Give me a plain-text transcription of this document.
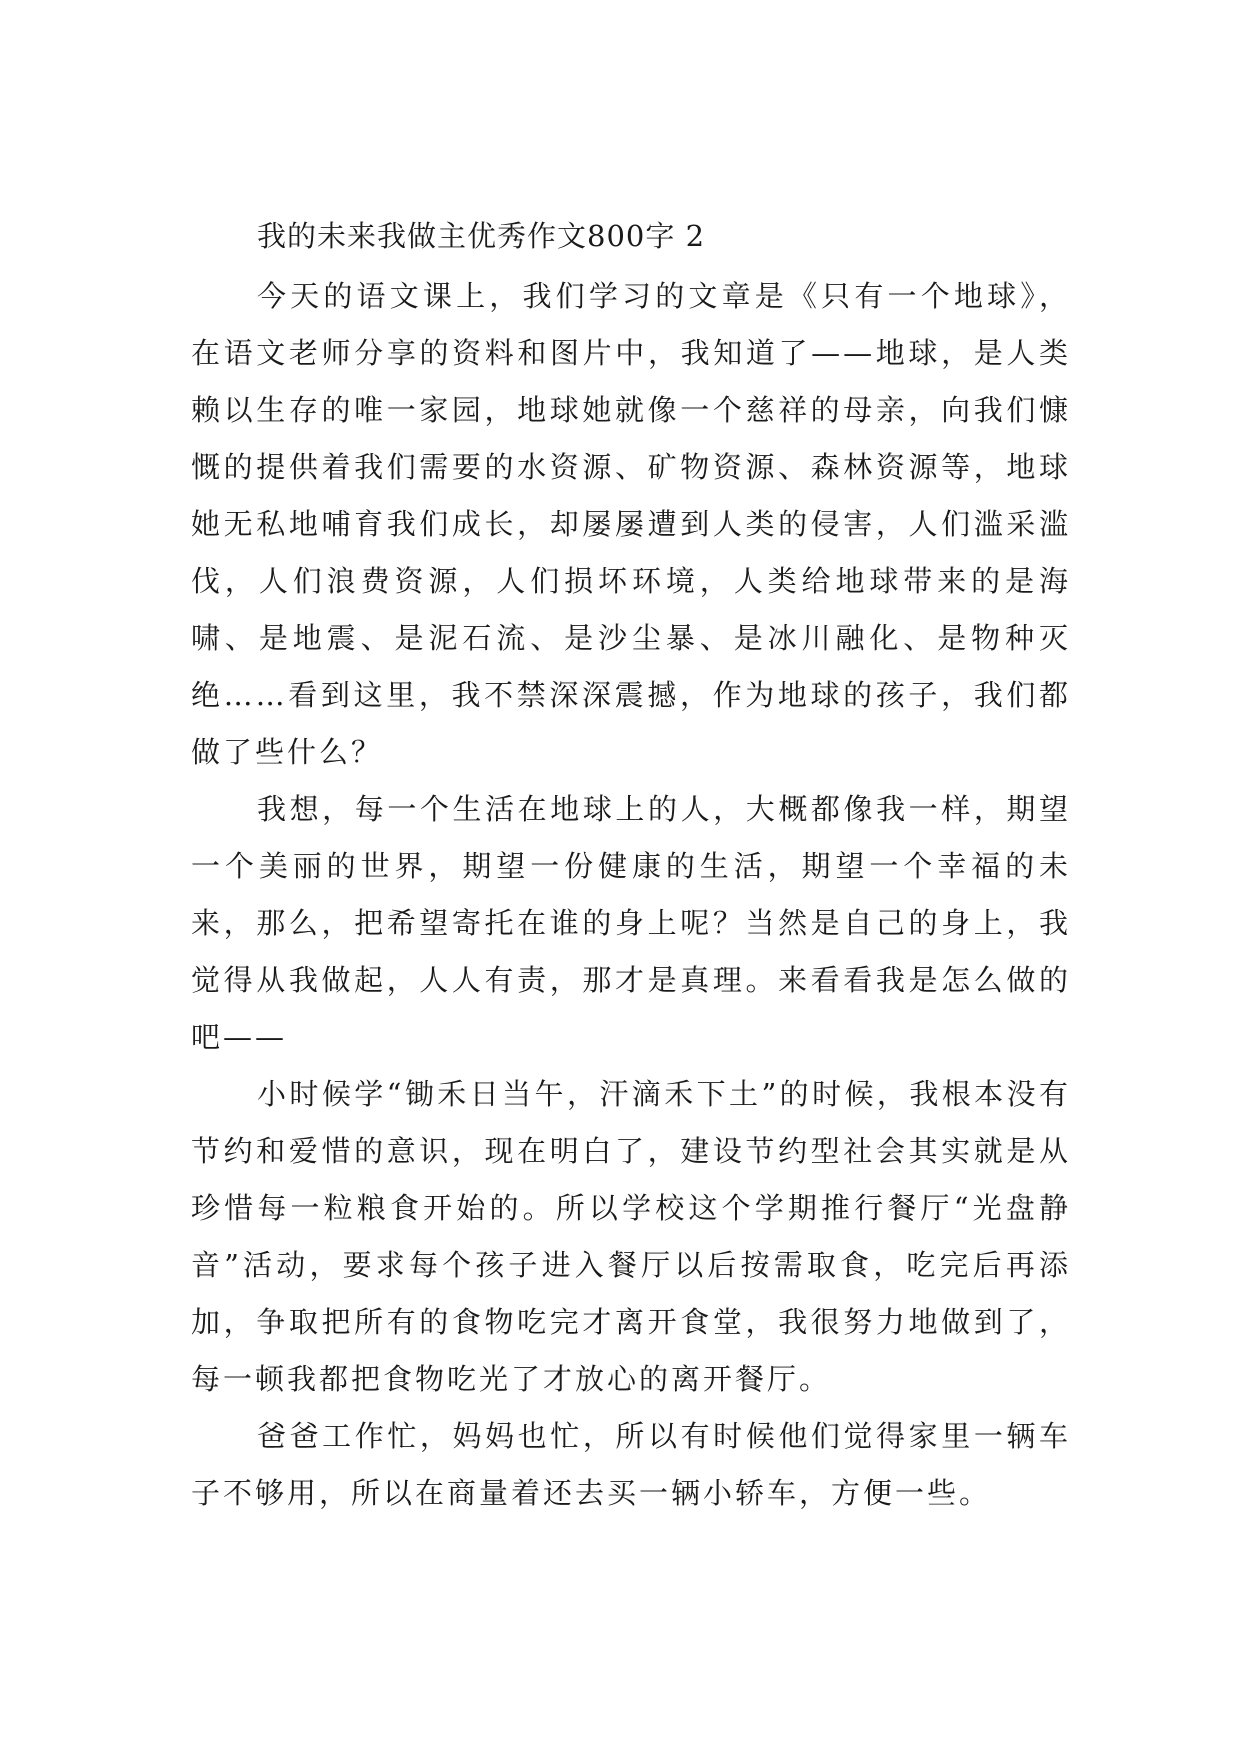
我的未来我做主优秀作文800字 2

今天的语文课上，我们学习的文章是《只有一个地球》，在语文老师分享的资料和图片中，我知道了——地球，是人类赖以生存的唯一家园，地球她就像一个慈祥的母亲，向我们慷慨的提供着我们需要的水资源、矿物资源、森林资源等，地球她无私地哺育我们成长，却屡屡遭到人类的侵害，人们滥采滥伐，人们浪费资源，人们损坏环境，人类给地球带来的是海啸、是地震、是泥石流、是沙尘暴、是冰川融化、是物种灭绝……看到这里，我不禁深深震撼，作为地球的孩子，我们都做了些什么？

我想，每一个生活在地球上的人，大概都像我一样，期望一个美丽的世界，期望一份健康的生活，期望一个幸福的未来，那么，把希望寄托在谁的身上呢？当然是自己的身上，我觉得从我做起，人人有责，那才是真理。来看看我是怎么做的吧——

小时候学“锄禾日当午，汗滴禾下土”的时候，我根本没有节约和爱惜的意识，现在明白了，建设节约型社会其实就是从珍惜每一粒粮食开始的。所以学校这个学期推行餐厅“光盘静音”活动，要求每个孩子进入餐厅以后按需取食，吃完后再添加，争取把所有的食物吃完才离开食堂，我很努力地做到了，每一顿我都把食物吃光了才放心的离开餐厅。

爸爸工作忙，妈妈也忙，所以有时候他们觉得家里一辆车子不够用，所以在商量着还去买一辆小轿车，方便一些。
